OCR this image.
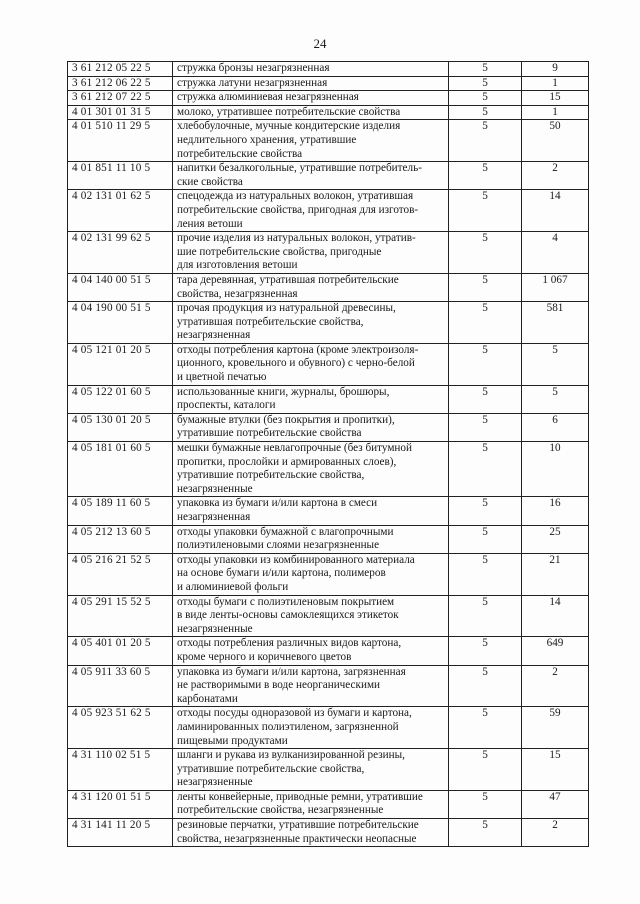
24
3 61 212 05 22 5	стружка бронзы незагрязненная	5	9
3 61 212 06 22 5	стружка латуни незагрязненная	5	1
3 61 212 07 22 5	стружка алюминиевая незагрязненная	5	15
4 01 301 01 31 5	молоко, утратившее потребительские свойства	5	1
4 01 510 11 29 5	хлебобулочные, мучные кондитерские изделия
недлительного хранения, утратившие
потребительские свойства	5	50
4 01 851 11 10 5	напитки безалкогольные, утратившие потребитель-
ские свойства	5	2
4 02 131 01 62 5	спецодежда из натуральных волокон, утратившая
потребительские свойства, пригодная для изготов-
ления ветоши	5	14
4 02 131 99 62 5	прочие изделия из натуральных волокон, утратив-
шие потребительские свойства, пригодные
для изготовления ветоши	5	4
4 04 140 00 51 5	тара деревянная, утратившая потребительские
свойства, незагрязненная	5	1 067
4 04 190 00 51 5	прочая продукция из натуральной древесины,
утратившая потребительские свойства,
незагрязненная	5	581
4 05 121 01 20 5	отходы потребления картона (кроме электроизоля-
ционного, кровельного и обувного) с черно-белой
и цветной печатью	5	5
4 05 122 01 60 5	использованные книги, журналы, брошюры,
проспекты, каталоги	5	5
4 05 130 01 20 5	бумажные втулки (без покрытия и пропитки),
утратившие потребительские свойства	5	6
4 05 181 01 60 5	мешки бумажные невлагопрочные (без битумной
пропитки, прослойки и армированных слоев),
утратившие потребительские свойства,
незагрязненные	5	10
4 05 189 11 60 5	упаковка из бумаги и/или картона в смеси
незагрязненная	5	16
4 05 212 13 60 5	отходы упаковки бумажной с влагопрочными
полиэтиленовыми слоями незагрязненные	5	25
4 05 216 21 52 5	отходы упаковки из комбинированного материала
на основе бумаги и/или картона, полимеров
и алюминиевой фольги	5	21
4 05 291 15 52 5	отходы бумаги с полиэтиленовым покрытием
в виде ленты-основы самоклеящихся этикеток
незагрязненные	5	14
4 05 401 01 20 5	отходы потребления различных видов картона,
кроме черного и коричневого цветов	5	649
4 05 911 33 60 5	упаковка из бумаги и/или картона, загрязненная
не растворимыми в воде неорганическими
карбонатами	5	2
4 05 923 51 62 5	отходы посуды одноразовой из бумаги и картона,
ламинированных полиэтиленом, загрязненной
пищевыми продуктами	5	59
4 31 110 02 51 5	шланги и рукава из вулканизированной резины,
утратившие потребительские свойства,
незагрязненные	5	15
4 31 120 01 51 5	ленты конвейерные, приводные ремни, утратившие
потребительские свойства, незагрязненные	5	47
4 31 141 11 20 5	резиновые перчатки, утратившие потребительские
свойства, незагрязненные практически неопасные	5	2
